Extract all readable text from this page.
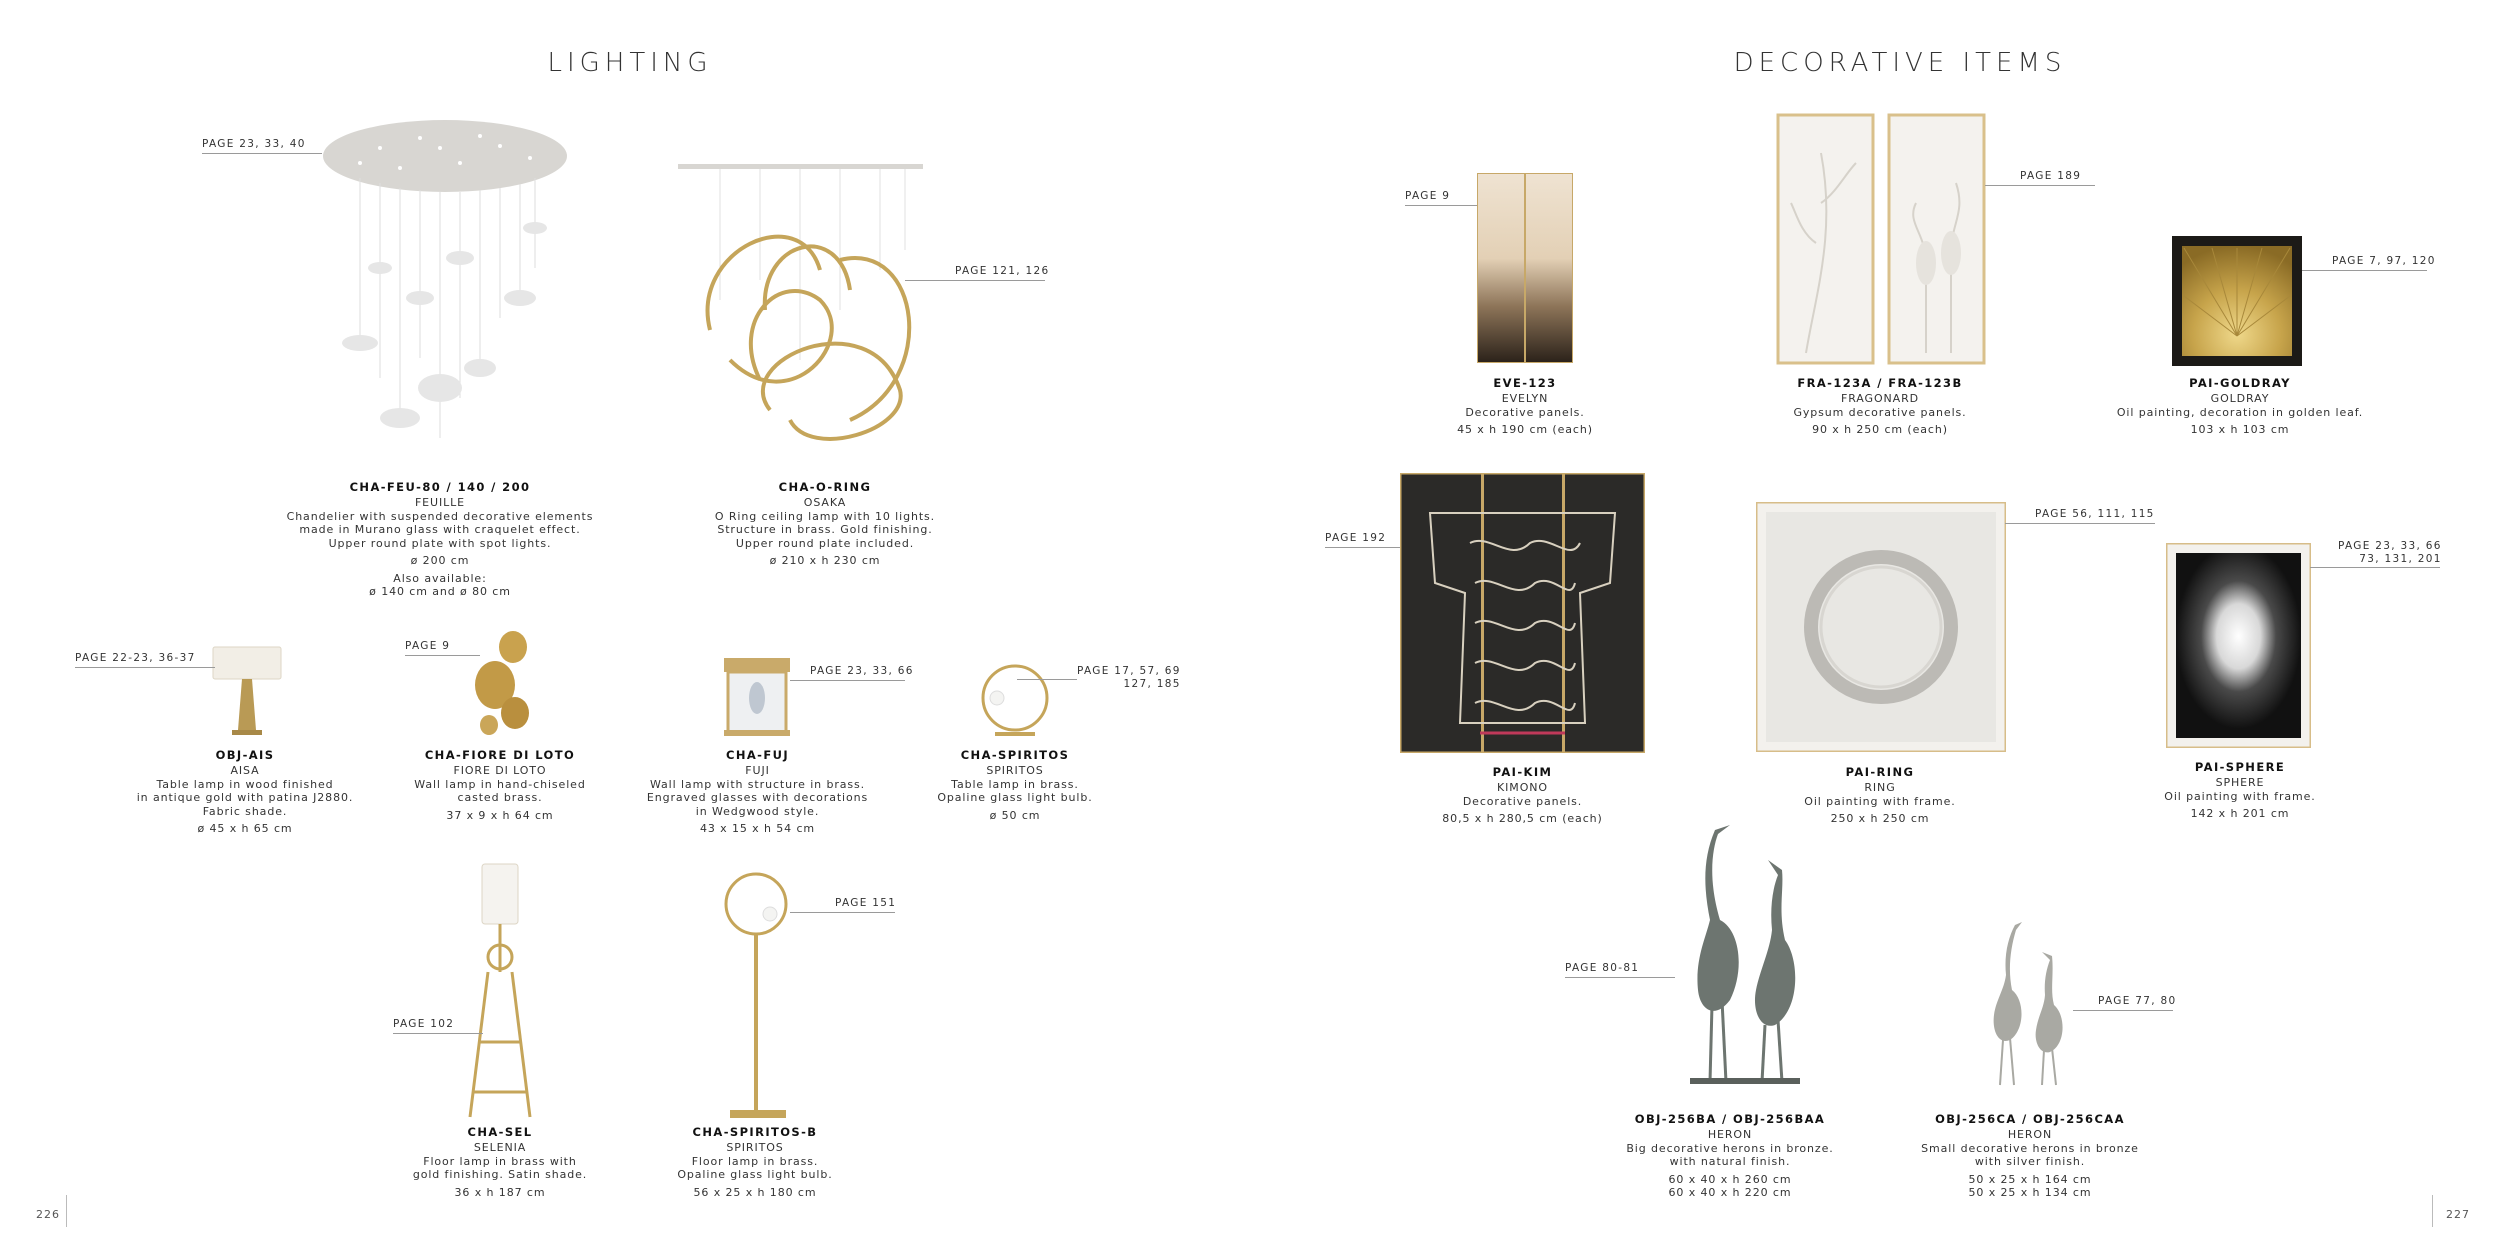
LIGHTING
PAGE 23, 33, 40
CHA-FEU-80 / 140 / 200
FEUILLE
Chandelier with suspended decorative elements
made in Murano glass with craquelet effect.
Upper round plate with spot lights.
ø 200 cm
Also available:
ø 140 cm and ø 80 cm
PAGE 121, 126
CHA-O-RING
OSAKA
O Ring ceiling lamp with 10 lights.
Structure in brass. Gold finishing.
Upper round plate included.
ø 210 x h 230 cm
PAGE 22-23, 36-37
OBJ-AIS
AISA
Table lamp in wood finished
in antique gold with patina J2880.
Fabric shade.
ø 45 x h 65 cm
PAGE 9
CHA-FIORE DI LOTO
FIORE DI LOTO
Wall lamp in hand-chiseled
casted brass.
37 x 9 x h 64 cm
PAGE 23, 33, 66
CHA-FUJ
FUJI
Wall lamp with structure in brass.
Engraved glasses with decorations
in Wedgwood style.
43 x 15 x h 54 cm
PAGE 17, 57, 69
127, 185
CHA-SPIRITOS
SPIRITOS
Table lamp in brass.
Opaline glass light bulb.
ø 50 cm
PAGE 102
CHA-SEL
SELENIA
Floor lamp in brass with
gold finishing. Satin shade.
36 x h 187 cm
PAGE 151
CHA-SPIRITOS-B
SPIRITOS
Floor lamp in brass.
Opaline glass light bulb.
56 x 25 x h 180 cm
226
DECORATIVE ITEMS
PAGE 9
EVE-123
EVELYN
Decorative panels.
45 x h 190 cm (each)
PAGE 189
FRA-123A / FRA-123B
FRAGONARD
Gypsum decorative panels.
90 x h 250 cm (each)
PAGE 7, 97, 120
PAI-GOLDRAY
GOLDRAY
Oil painting, decoration in golden leaf.
103 x h 103 cm
PAGE 192
PAI-KIM
KIMONO
Decorative panels.
80,5 x h 280,5 cm (each)
PAGE 56, 111, 115
PAI-RING
RING
Oil painting with frame.
250 x h 250 cm
PAGE 23, 33, 66
73, 131, 201
PAI-SPHERE
SPHERE
Oil painting with frame.
142 x h 201 cm
PAGE 80-81
OBJ-256BA / OBJ-256BAA
HERON
Big decorative herons in bronze.
with natural finish.
60 x 40 x h 260 cm
60 x 40 x h 220 cm
PAGE 77, 80
OBJ-256CA / OBJ-256CAA
HERON
Small decorative herons in bronze
with silver finish.
50 x 25 x h 164 cm
50 x 25 x h 134 cm
227
